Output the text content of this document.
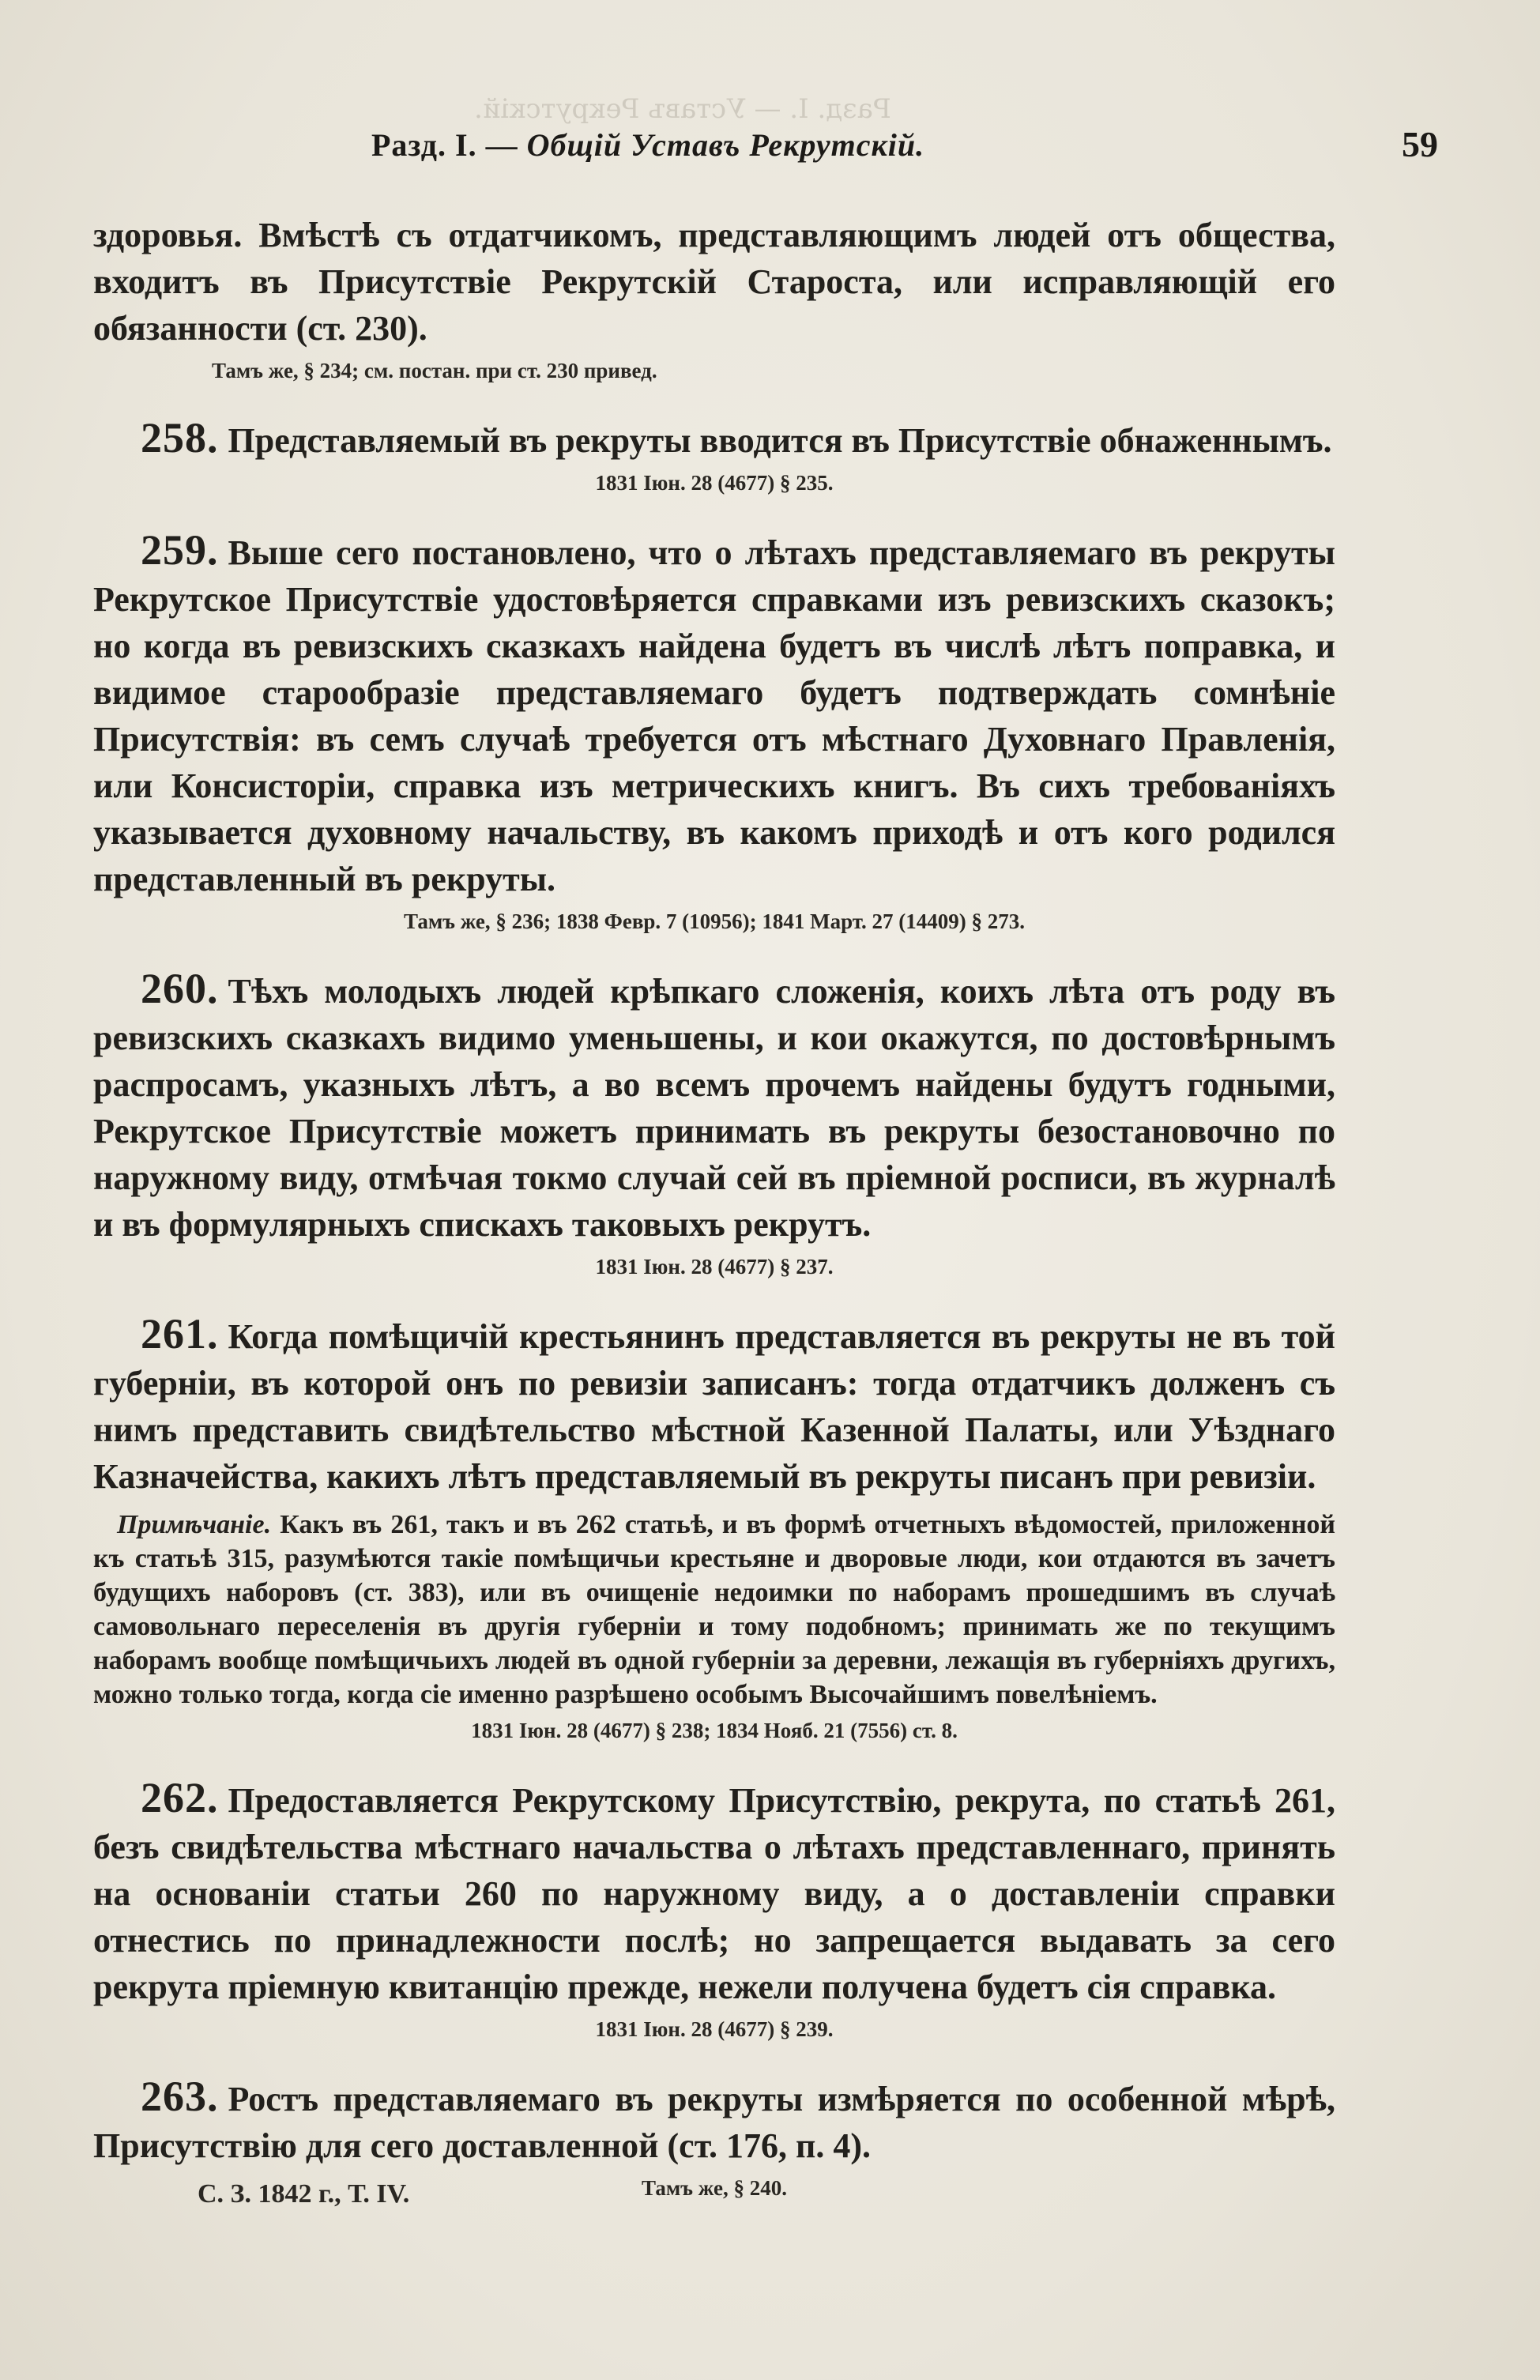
Разд. I. — Уставъ Рекрутскій.
Разд. I. — Общій Уставъ Рекрутскій.	59

здоровья. Вмѣстѣ съ отдатчикомъ, представляющимъ людей отъ общества, входитъ въ Присутствіе Рекрутскій Староста, или исправляющій его обязанности (ст. 230).

Тамъ же, § 234; см. постан. при ст. 230 привед.

258. Представляемый въ рекруты вводится въ Присутствіе обнаженнымъ.

1831 Іюн. 28 (4677) § 235.

259. Выше сего постановлено, что о лѣтахъ представляемаго въ рекруты Рекрутское Присутствіе удостовѣряется справками изъ ревизскихъ сказокъ; но когда въ ревизскихъ сказкахъ найдена будетъ въ числѣ лѣтъ поправка, и видимое старообразіе представляемаго будетъ подтверждать сомнѣніе Присутствія: въ семъ случаѣ требуется отъ мѣстнаго Духовнаго Правленія, или Консисторіи, справка изъ метрическихъ книгъ. Въ сихъ требованіяхъ указывается духовному начальству, въ какомъ приходѣ и отъ кого родился представленный въ рекруты.

Тамъ же, § 236; 1838 Февр. 7 (10956); 1841 Март. 27 (14409) § 273.

260. Тѣхъ молодыхъ людей крѣпкаго сложенія, коихъ лѣта отъ роду въ ревизскихъ сказкахъ видимо уменьшены, и кои окажутся, по достовѣрнымъ распросамъ, указныхъ лѣтъ, а во всемъ прочемъ найдены будутъ годными, Рекрутское Присутствіе можетъ принимать въ рекруты безостановочно по наружному виду, отмѣчая токмо случай сей въ пріемной росписи, въ журналѣ и въ формулярныхъ спискахъ таковыхъ рекрутъ.

1831 Іюн. 28 (4677) § 237.

261. Когда помѣщичій крестьянинъ представляется въ рекруты не въ той губерніи, въ которой онъ по ревизіи записанъ: тогда отдатчикъ долженъ съ нимъ представить свидѣтельство мѣстной Казенной Палаты, или Уѣзднаго Казначейства, какихъ лѣтъ представляемый въ рекруты писанъ при ревизіи.

Примѣчаніе. Какъ въ 261, такъ и въ 262 статьѣ, и въ формѣ отчетныхъ вѣдомостей, приложенной къ статьѣ 315, разумѣются такіе помѣщичьи крестьяне и дворовые люди, кои отдаются въ зачетъ будущихъ наборовъ (ст. 383), или въ очищеніе недоимки по наборамъ прошедшимъ въ случаѣ самовольнаго переселенія въ другія губерніи и тому подобномъ; принимать же по текущимъ наборамъ вообще помѣщичьихъ людей въ одной губерніи за деревни, лежащія въ губерніяхъ другихъ, можно только тогда, когда сіе именно разрѣшено особымъ Высочайшимъ повелѣніемъ.

1831 Іюн. 28 (4677) § 238; 1834 Нояб. 21 (7556) ст. 8.

262. Предоставляется Рекрутскому Присутствію, рекрута, по статьѣ 261, безъ свидѣтельства мѣстнаго начальства о лѣтахъ представленнаго, принять на основаніи статьи 260 по наружному виду, а о доставленіи справки отнестись по принадлежности послѣ; но запрещается выдавать за сего рекрута пріемную квитанцію прежде, нежели получена будетъ сія справка.

1831 Іюн. 28 (4677) § 239.

263. Ростъ представляемаго въ рекруты измѣряется по особенной мѣрѣ, Присутствію для сего доставленной (ст. 176, п. 4).

Тамъ же, § 240.
С. З. 1842 г., Т. IV.
